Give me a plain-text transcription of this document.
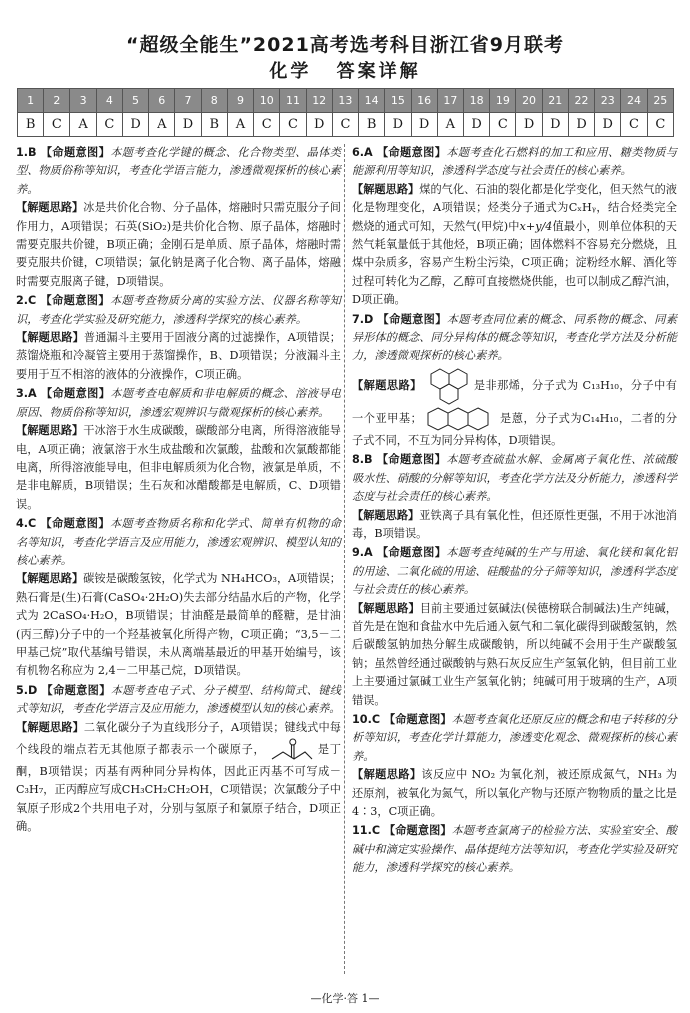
“超级全能生”2021高考选考科目浙江省9月联考
化学 答案详解
1	2	3	4	5	6	7	8	9	10	11	12	13	14	15	16	17	18	19	20	21	22	23	24	25
B	C	A	C	D	A	D	B	A	C	C	D	C	B	D	D	A	D	C	D	D	D	D	C	C

1.B 【命题意图】本题考查化学键的概念、化合物类型、晶体类型、物质俗称等知识，考查化学语言能力，渗透微观探析的核心素养。

【解题思路】冰是共价化合物、分子晶体，熔融时只需克服分子间作用力，A项错误；石英(SiO₂)是共价化合物、原子晶体，熔融时需要克服共价键，B项正确；金刚石是单质、原子晶体，熔融时需要克服共价键，C项错误；氯化钠是离子化合物、离子晶体，熔融时需要克服离子键，D项错误。

2.C 【命题意图】本题考查物质分离的实验方法、仪器名称等知识，考查化学实验及研究能力，渗透科学探究的核心素养。

【解题思路】普通漏斗主要用于固液分离的过滤操作，A项错误；蒸馏烧瓶和冷凝管主要用于蒸馏操作，B、D项错误；分液漏斗主要用于互不相溶的液体的分液操作，C项正确。

3.A 【命题意图】本题考查电解质和非电解质的概念、溶液导电原因、物质俗称等知识，渗透宏观辨识与微观探析的核心素养。

【解题思路】干冰溶于水生成碳酸，碳酸部分电离，所得溶液能导电，A项正确；液氯溶于水生成盐酸和次氯酸，盐酸和次氯酸都能电离，所得溶液能导电，但非电解质须为化合物，液氯是单质，不是非电解质，B项错误；生石灰和冰醋酸都是电解质，C、D项错误。

4.C 【命题意图】本题考查物质名称和化学式、简单有机物的命名等知识，考查化学语言及应用能力，渗透宏观辨识、模型认知的核心素养。

【解题思路】碳铵是碳酸氢铵，化学式为 NH₄HCO₃，A项错误；熟石膏是(生)石膏(CaSO₄·2H₂O)失去部分结晶水后的产物，化学式为 2CaSO₄·H₂O，B项错误；甘油醛是最简单的醛糖，是甘油(丙三醇)分子中的一个羟基被氧化所得产物，C项正确；“3,5－二甲基己烷”取代基编号错误，未从离端基最近的甲基开始编号，该有机物名称应为 2,4－二甲基己烷，D项错误。

5.D 【命题意图】本题考查电子式、分子模型、结构简式、键线式等知识，考查化学语言及应用能力，渗透模型认知的核心素养。

【解题思路】二氧化碳分子为直线形分子，A项错误；键线式中每个线段的端点若无其他原子都表示一个碳原子，	是丁酮，B项错误；丙基有两种同分异构体，因此正丙基不可写成－C₃H₇，正丙醇应写成CH₃CH₂CH₂OH，C项错误；次氯酸分子中氧原子形成2个共用电子对，分别与氢原子和氯原子结合，D项正确。

6.A 【命题意图】本题考查化石燃料的加工和应用、糖类物质与能源利用等知识，渗透科学态度与社会责任的核心素养。

【解题思路】煤的气化、石油的裂化都是化学变化，但天然气的液化是物理变化，A项错误；烃类分子通式为CₓHᵧ，结合烃类完全燃烧的通式可知，天然气(甲烷)中x+y/4值最小，则单位体积的天然气耗氧量低于其他烃，B项正确；固体燃料不容易充分燃烧，且煤中杂质多，容易产生粉尘污染，C项正确；淀粉经水解、酒化等过程可转化为乙醇，乙醇可直接燃烧供能，也可以制成乙醇汽油，D项正确。

7.D 【命题意图】本题考查同位素的概念、同系物的概念、同素异形体的概念、同分异构体的概念等知识，考查化学方法及分析能力，渗透微观探析的核心素养。

【解题思路】	是非那烯，分子式为 C₁₃H₁₀，分子中有一个亚甲基；	是蒽，分子式为C₁₄H₁₀，二者的分子式不同，不互为同分异构体，D项错误。

8.B 【命题意图】本题考查硫盐水解、金属离子氧化性、浓硫酸吸水性、硝酸的分解等知识，考查化学方法及分析能力，渗透科学态度与社会责任的核心素养。

【解题思路】亚铁离子具有氧化性，但还原性更强，不用于冰池消毒，B项错误。

9.A 【命题意图】本题考查纯碱的生产与用途、氧化镁和氧化铝的用途、二氧化硫的用途、硅酸盐的分子筛等知识，渗透科学态度与社会责任的核心素养。

【解题思路】目前主要通过氨碱法(侯德榜联合制碱法)生产纯碱，首先是在饱和食盐水中先后通入氨气和二氧化碳得到碳酸氢钠，然后碳酸氢钠加热分解生成碳酸钠，所以纯碱不会用于生产碳酸氢钠；虽然曾经通过碳酸钠与熟石灰反应生产氢氧化钠，但目前工业上主要通过氯碱工业生产氢氧化钠；纯碱可用于玻璃的生产，A项错误。

10.C 【命题意图】本题考查氧化还原反应的概念和电子转移的分析等知识，考查化学计算能力，渗透变化观念、微观探析的核心素养。

【解题思路】该反应中 NO₂ 为氧化剂，被还原成氮气，NH₃ 为还原剂，被氧化为氮气，所以氧化产物与还原产物物质的量之比是 4∶3，C项正确。

11.C 【命题意图】本题考查氯离子的检验方法、实验室安全、酸碱中和滴定实验操作、晶体提纯方法等知识，考查化学实验及研究能力，渗透科学探究的核心素养。

—化学·答 1—
